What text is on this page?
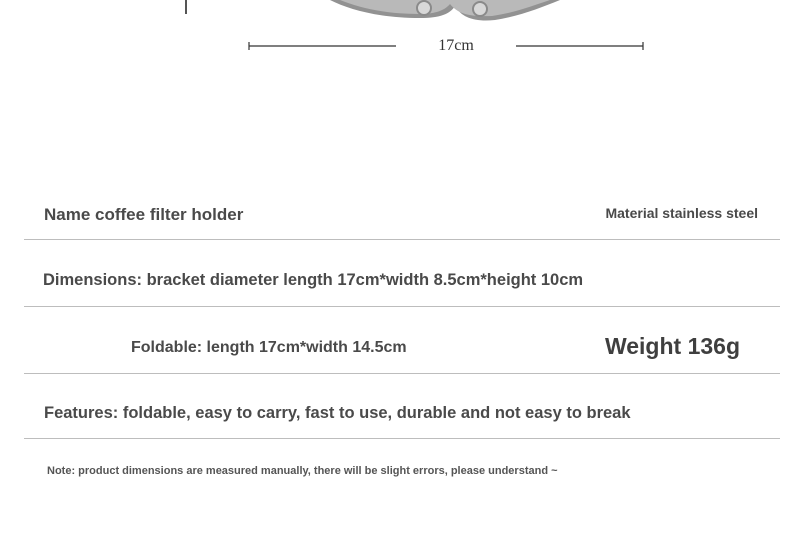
17cm
Name coffee filter holder	Material stainless steel
Dimensions: bracket diameter length 17cm*width 8.5cm*height 10cm
Foldable: length 17cm*width 14.5cm	Weight 136g
Features: foldable, easy to carry, fast to use, durable and not easy to break
Note: product dimensions are measured manually, there will be slight errors, please understand ~
